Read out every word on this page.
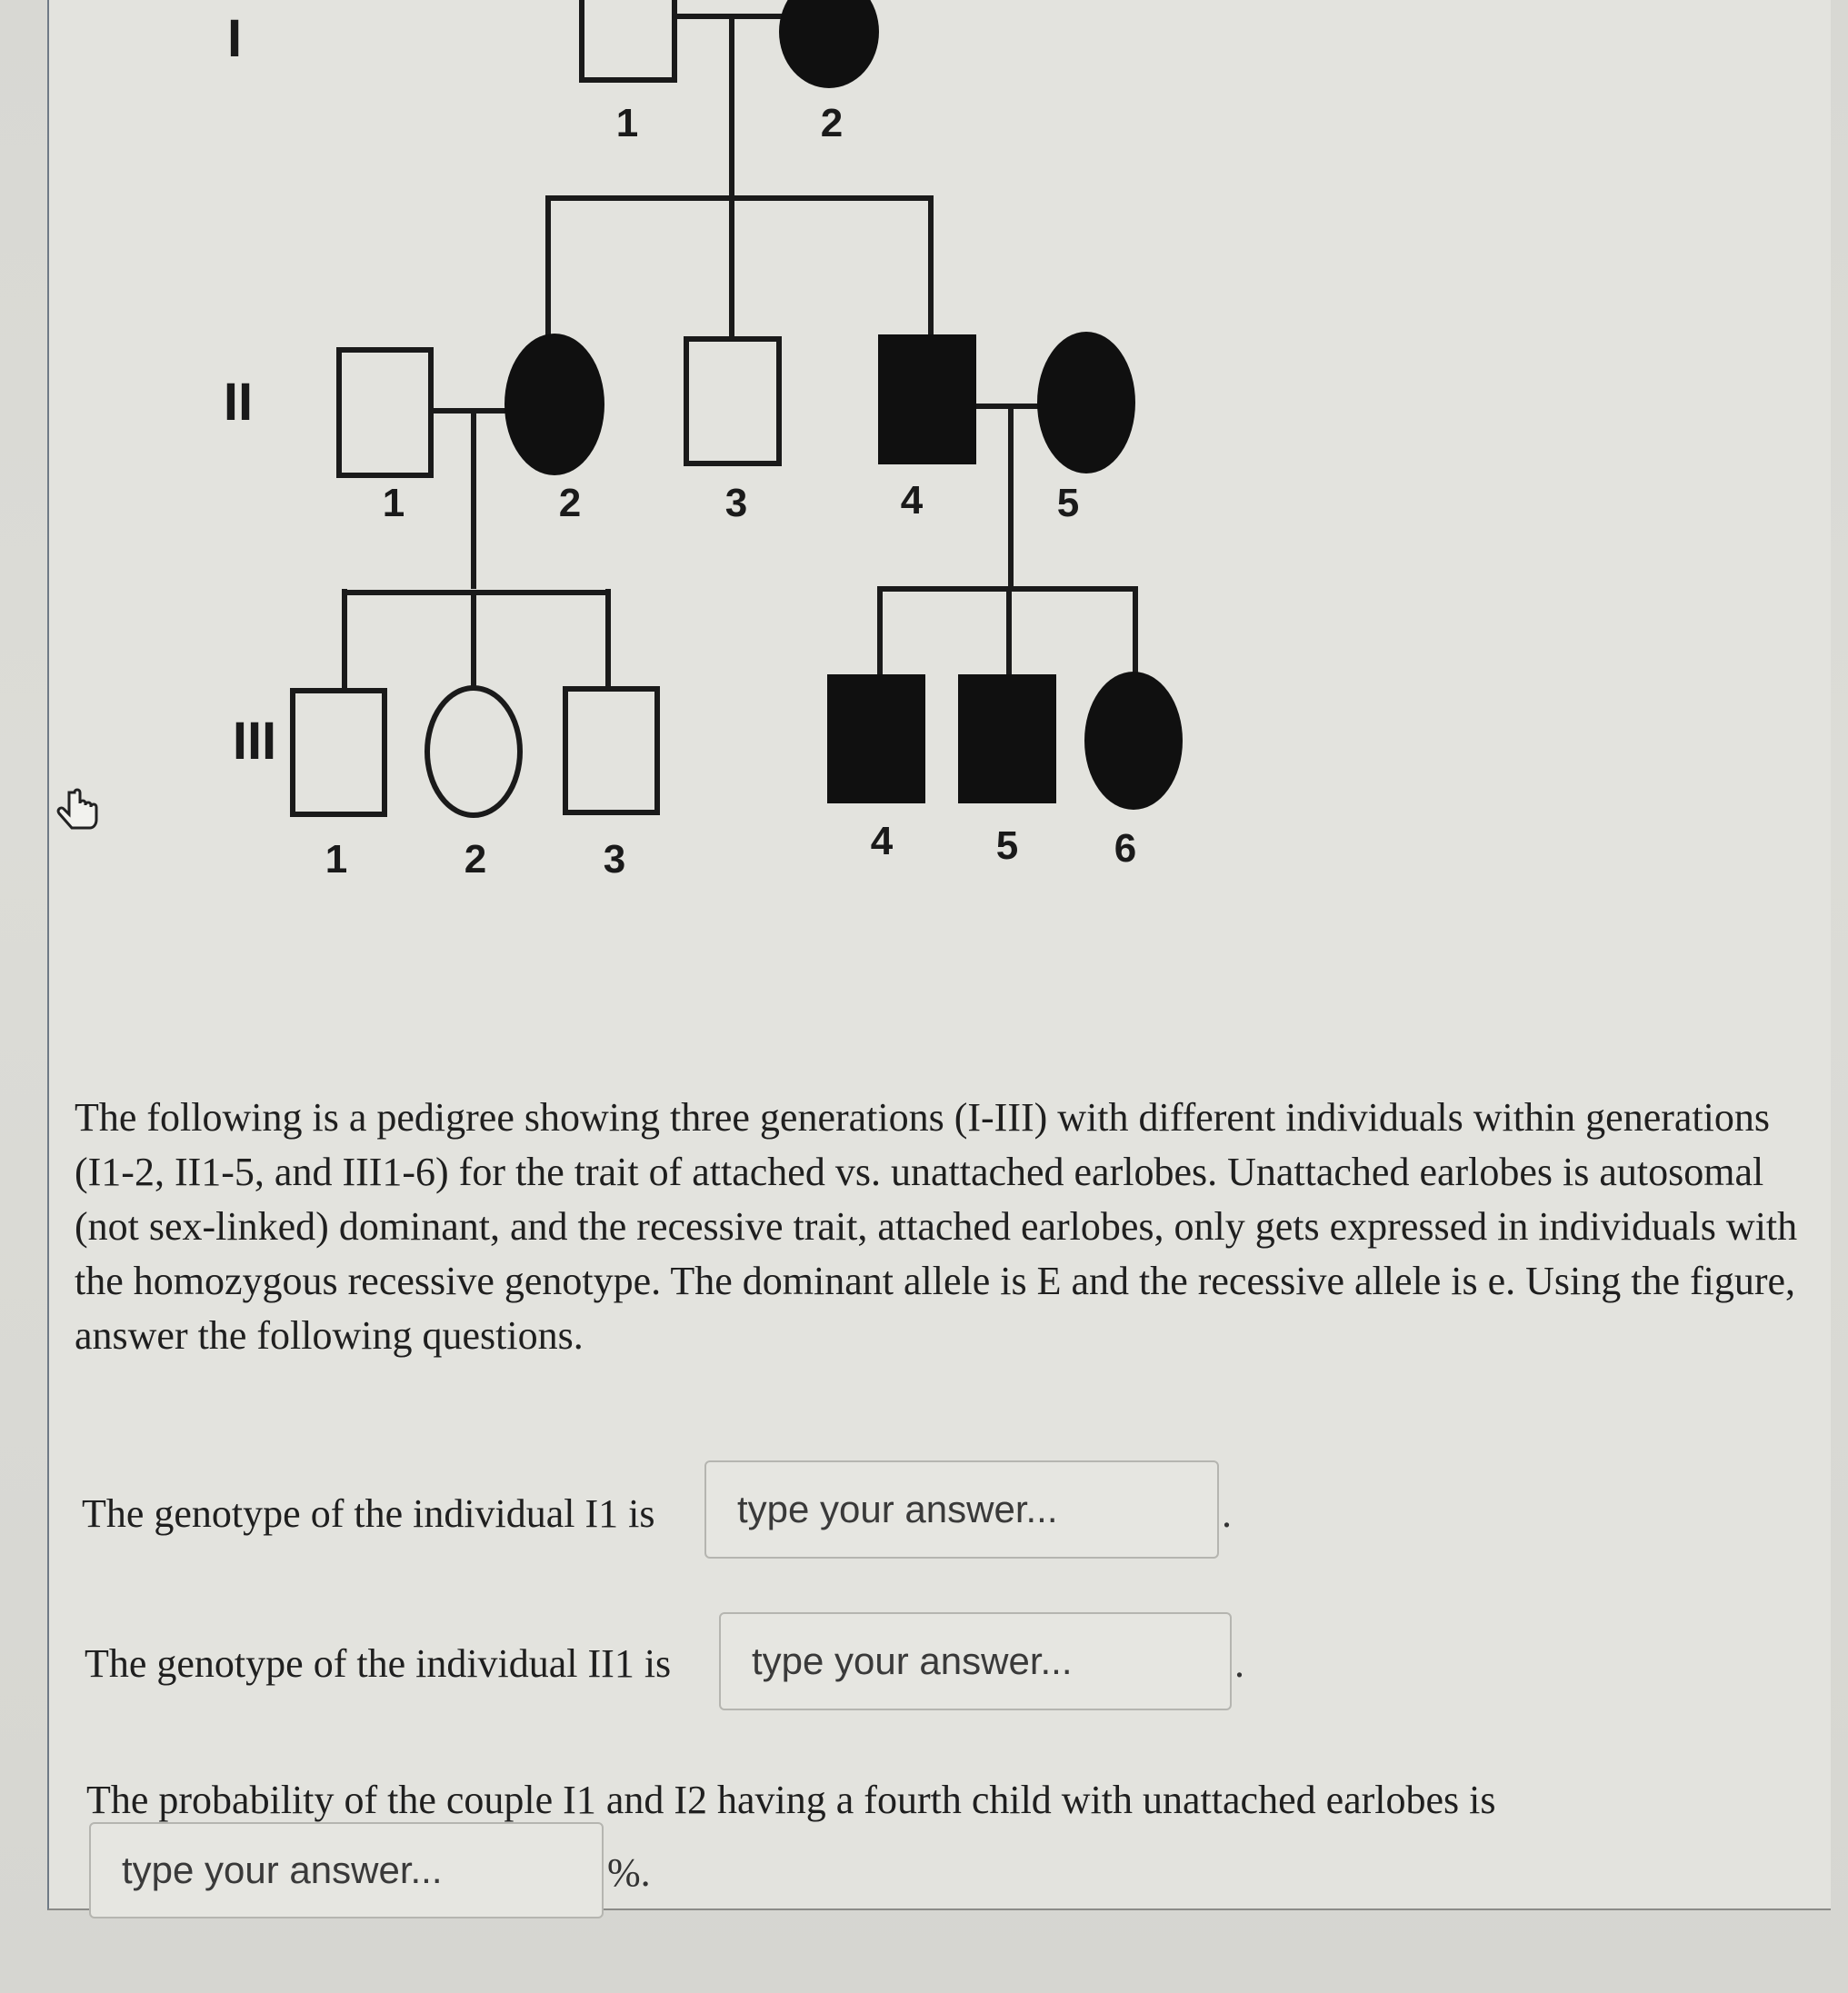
I
II
III
1	2
1	2	3	4	5
1	2	3	4	5 6

The following is a pedigree showing three generations (I-III) with different individuals within generations (I1-2, II1-5, and III1-6) for the trait of attached vs. unattached earlobes. Unattached earlobes is autosomal (not sex-linked) dominant, and the recessive trait, attached earlobes, only gets expressed in individuals with the homozygous recessive genotype. The dominant allele is E and the recessive allele is e. Using the figure, answer the following questions.

The genotype of the individual I1 is
type your answer...	.
The genotype of the individual II1 is
type your answer...	.
The probability of the couple I1 and I2 having a fourth child with unattached earlobes is
type your answer...
%.
